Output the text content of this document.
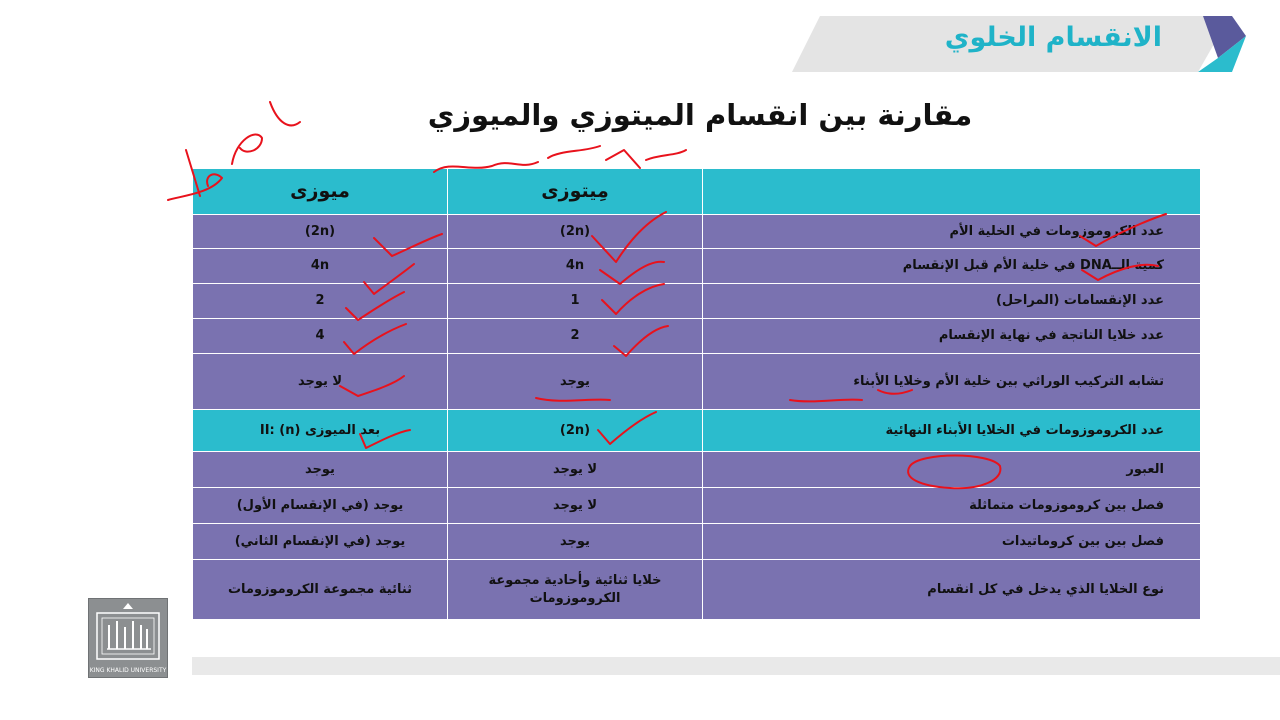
الانقسام الخلوي
مقارنة بين انقسام الميتوزي والميوزي
	مِيتوزى	ميوزى
عدد الكروموزومات في الخلية الأم	(2n)	(2n)
كمية الــDNA في خلية الأم قبل الإنقسام	4n	4n
عدد الإنقسامات (المراحل)	1	2
عدد خلايا الناتجة في نهاية الإنقسام	2	4
تشابه التركيب الوراثي بين خلية الأم وخلايا الأبناء	يوجد	لا يوجد
عدد الكروموزومات في الخلايا الأبناء النهائية	(2n)	بعد الميوزى II: (n)
العبور	لا يوجد	يوجد
فصل بين كروموزومات متماثلة	لا يوجد	يوجد (في الإنقسام الأول)
فصل بين بين كروماتيدات	يوجد	يوجد (في الإنقسام الثاني)
نوع الخلايا الذي يدخل في كل انقسام	خلايا ثنائية وأحادية مجموعة الكروموزومات	ثنائية مجموعة الكروموزومات
KING KHALID UNIVERSITY
